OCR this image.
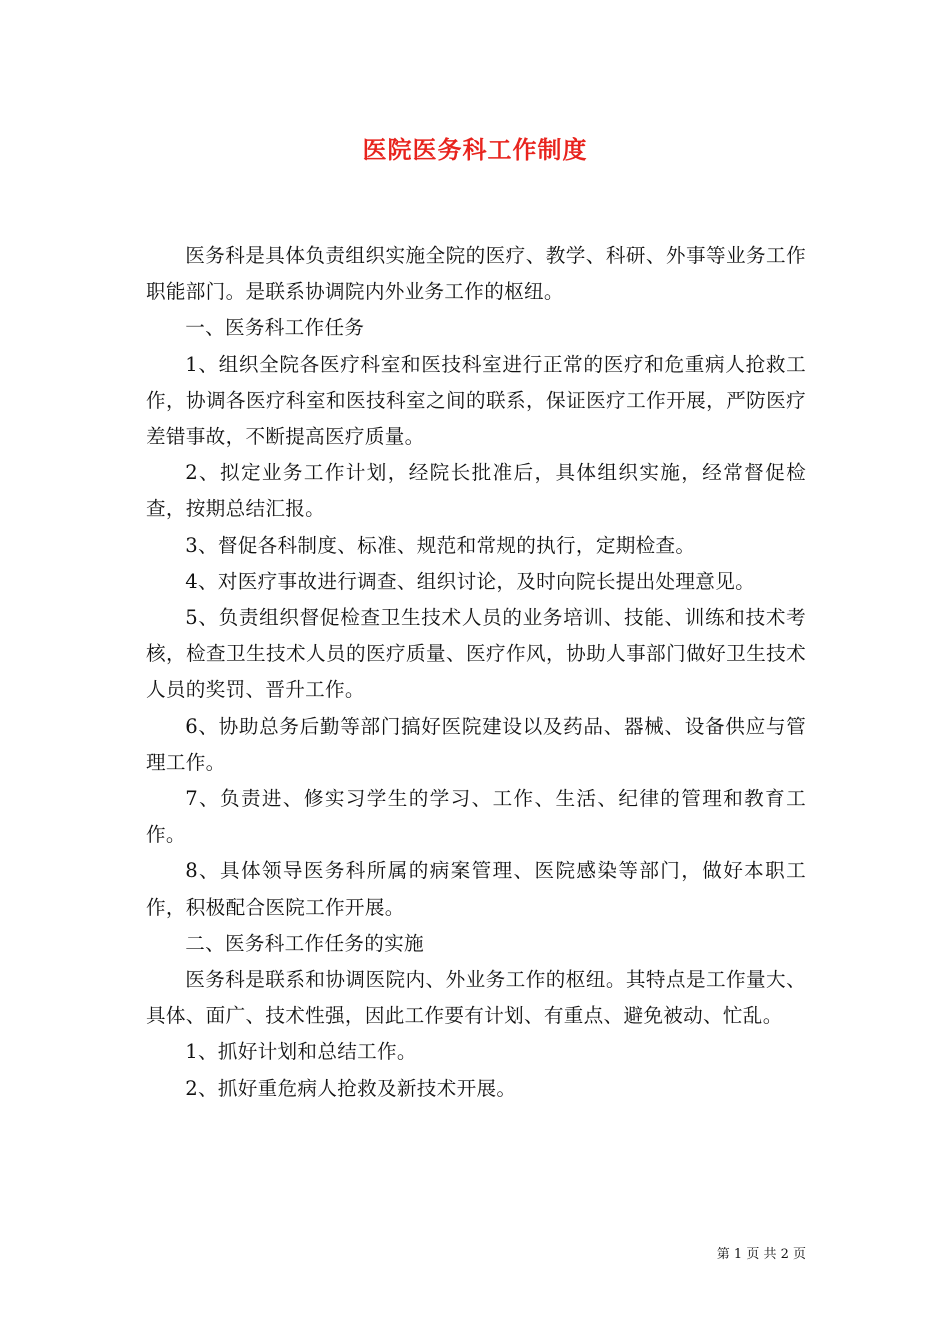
医院医务科工作制度

医务科是具体负责组织实施全院的医疗、教学、科研、外事等业务工作职能部门。是联系协调院内外业务工作的枢纽。

一、医务科工作任务

1、组织全院各医疗科室和医技科室进行正常的医疗和危重病人抢救工作，协调各医疗科室和医技科室之间的联系，保证医疗工作开展，严防医疗差错事故，不断提高医疗质量。

2、拟定业务工作计划，经院长批准后，具体组织实施，经常督促检查，按期总结汇报。

3、督促各科制度、标准、规范和常规的执行，定期检查。

4、对医疗事故进行调查、组织讨论，及时向院长提出处理意见。

5、负责组织督促检查卫生技术人员的业务培训、技能、训练和技术考核，检查卫生技术人员的医疗质量、医疗作风，协助人事部门做好卫生技术人员的奖罚、晋升工作。

6、协助总务后勤等部门搞好医院建设以及药品、器械、设备供应与管理工作。

7、负责进、修实习学生的学习、工作、生活、纪律的管理和教育工作。

8、具体领导医务科所属的病案管理、医院感染等部门，做好本职工作，积极配合医院工作开展。

二、医务科工作任务的实施

医务科是联系和协调医院内、外业务工作的枢纽。其特点是工作量大、具体、面广、技术性强，因此工作要有计划、有重点、避免被动、忙乱。

1、抓好计划和总结工作。

2、抓好重危病人抢救及新技术开展。

第 1 页 共 2 页
